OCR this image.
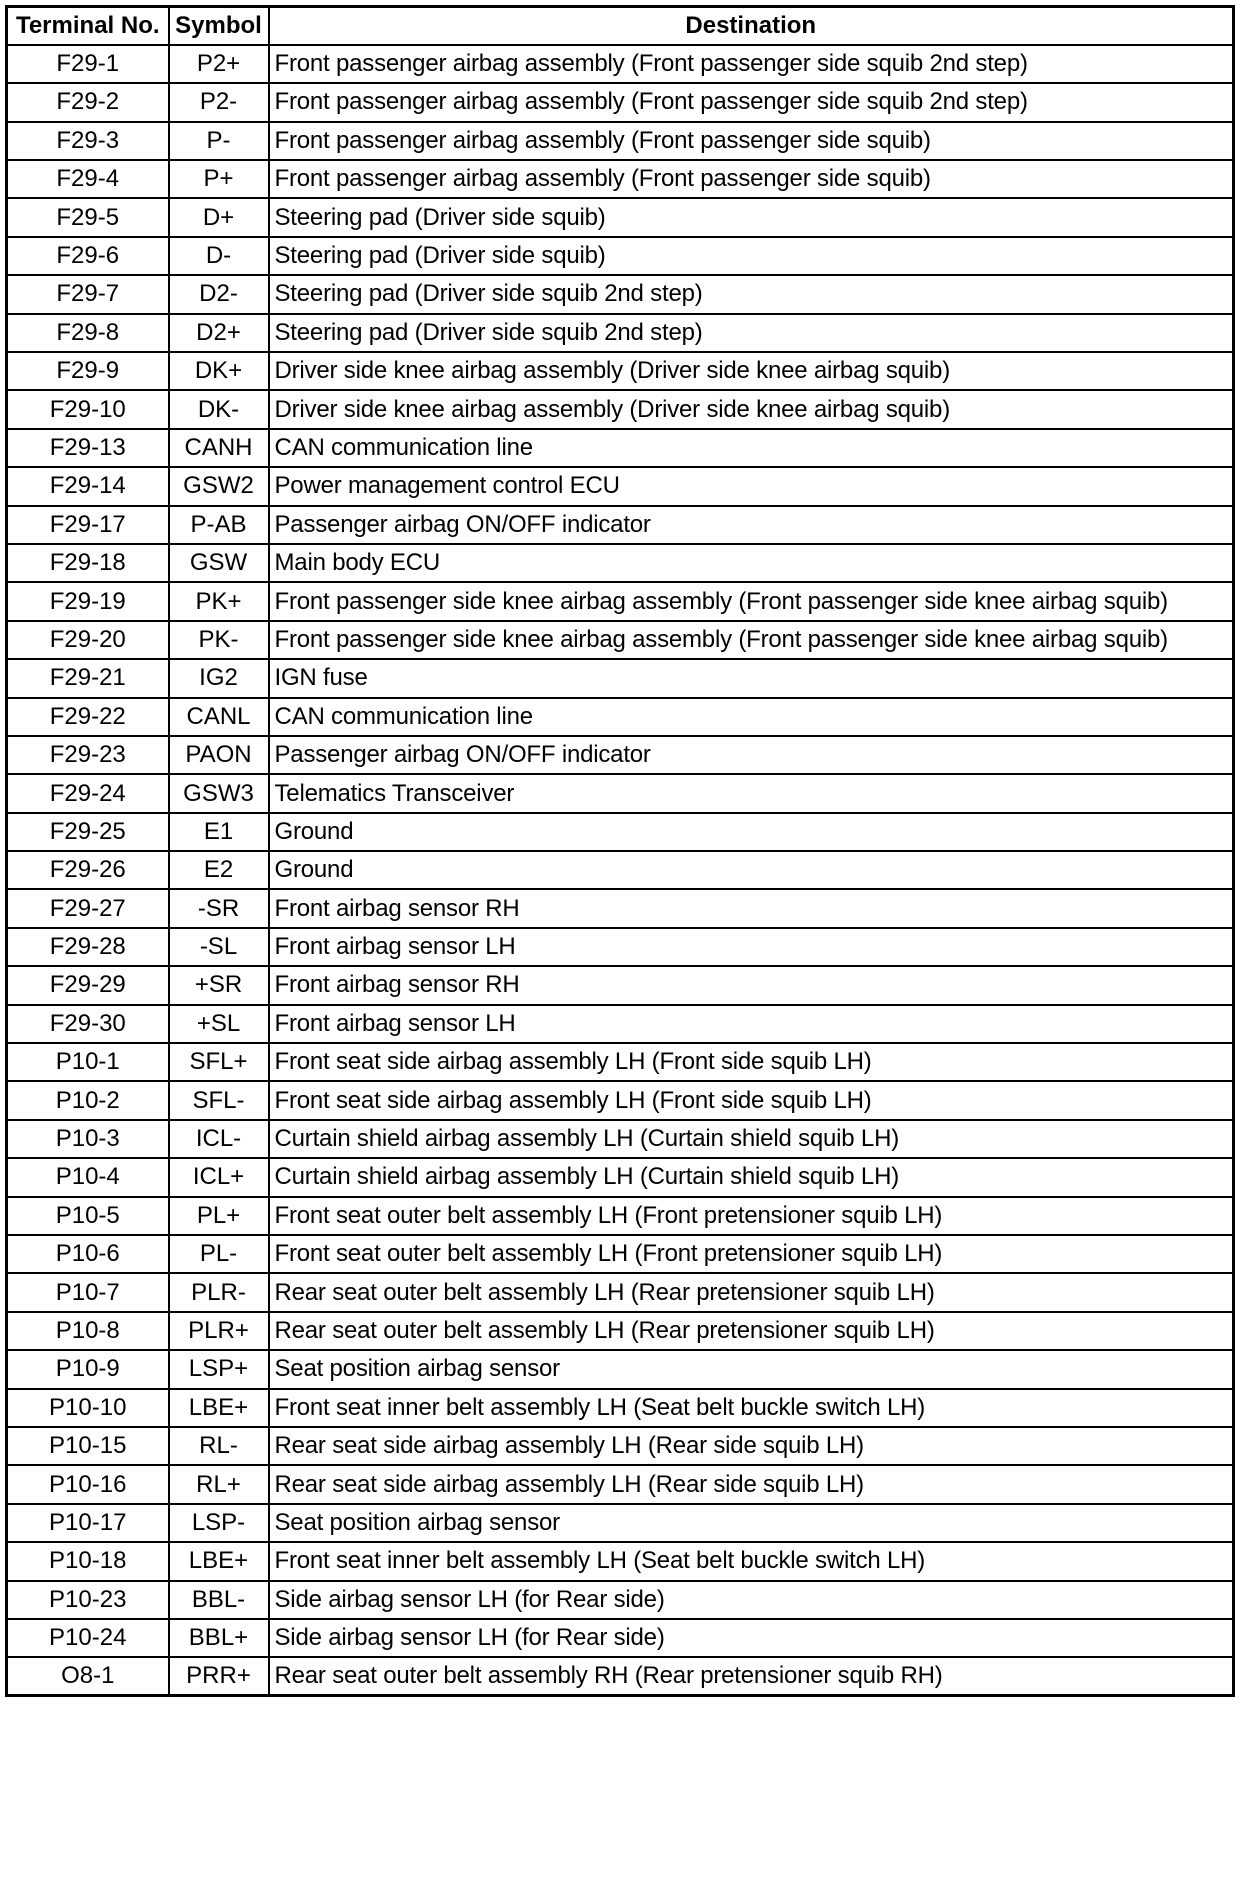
Terminal No.	Symbol	Destination
F29-1	P2+	Front passenger airbag assembly (Front passenger side squib 2nd step)
F29-2	P2-	Front passenger airbag assembly (Front passenger side squib 2nd step)
F29-3	P-	Front passenger airbag assembly (Front passenger side squib)
F29-4	P+	Front passenger airbag assembly (Front passenger side squib)
F29-5	D+	Steering pad (Driver side squib)
F29-6	D-	Steering pad (Driver side squib)
F29-7	D2-	Steering pad (Driver side squib 2nd step)
F29-8	D2+	Steering pad (Driver side squib 2nd step)
F29-9	DK+	Driver side knee airbag assembly (Driver side knee airbag squib)
F29-10	DK-	Driver side knee airbag assembly (Driver side knee airbag squib)
F29-13	CANH	CAN communication line
F29-14	GSW2	Power management control ECU
F29-17	P-AB	Passenger airbag ON/OFF indicator
F29-18	GSW	Main body ECU
F29-19	PK+	Front passenger side knee airbag assembly (Front passenger side knee airbag squib)
F29-20	PK-	Front passenger side knee airbag assembly (Front passenger side knee airbag squib)
F29-21	IG2	IGN fuse
F29-22	CANL	CAN communication line
F29-23	PAON	Passenger airbag ON/OFF indicator
F29-24	GSW3	Telematics Transceiver
F29-25	E1	Ground
F29-26	E2	Ground
F29-27	-SR	Front airbag sensor RH
F29-28	-SL	Front airbag sensor LH
F29-29	+SR	Front airbag sensor RH
F29-30	+SL	Front airbag sensor LH
P10-1	SFL+	Front seat side airbag assembly LH (Front side squib LH)
P10-2	SFL-	Front seat side airbag assembly LH (Front side squib LH)
P10-3	ICL-	Curtain shield airbag assembly LH (Curtain shield squib LH)
P10-4	ICL+	Curtain shield airbag assembly LH (Curtain shield squib LH)
P10-5	PL+	Front seat outer belt assembly LH (Front pretensioner squib LH)
P10-6	PL-	Front seat outer belt assembly LH (Front pretensioner squib LH)
P10-7	PLR-	Rear seat outer belt assembly LH (Rear pretensioner squib LH)
P10-8	PLR+	Rear seat outer belt assembly LH (Rear pretensioner squib LH)
P10-9	LSP+	Seat position airbag sensor
P10-10	LBE+	Front seat inner belt assembly LH (Seat belt buckle switch LH)
P10-15	RL-	Rear seat side airbag assembly LH (Rear side squib LH)
P10-16	RL+	Rear seat side airbag assembly LH (Rear side squib LH)
P10-17	LSP-	Seat position airbag sensor
P10-18	LBE+	Front seat inner belt assembly LH (Seat belt buckle switch LH)
P10-23	BBL-	Side airbag sensor LH (for Rear side)
P10-24	BBL+	Side airbag sensor LH (for Rear side)
O8-1	PRR+	Rear seat outer belt assembly RH (Rear pretensioner squib RH)
